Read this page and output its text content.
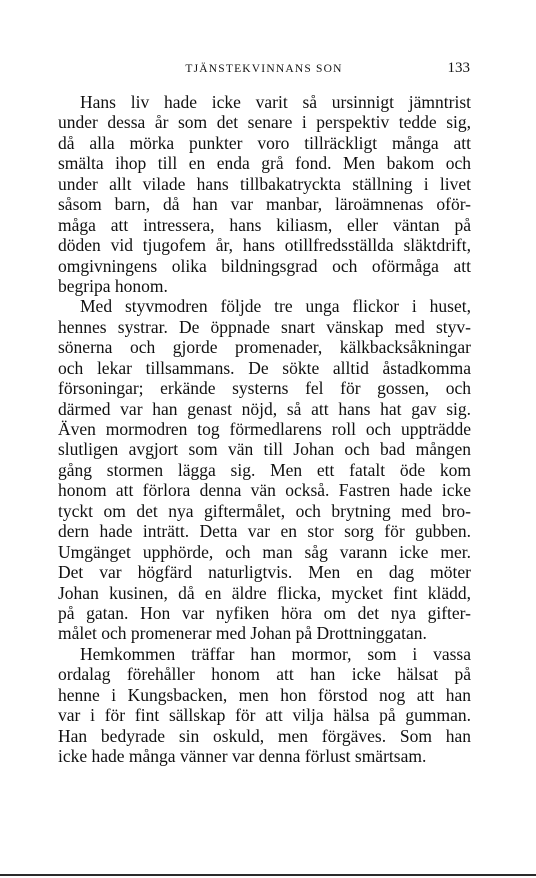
TJÄNSTEKVINNANS SON	133
Hans liv hade icke varit så ursinnigt jämntrist
under dessa år som det senare i perspektiv tedde sig,
då alla mörka punkter voro tillräckligt många att
smälta ihop till en enda grå fond. Men bakom och
under allt vilade hans tillbakatryckta ställning i livet
såsom barn, då han var manbar, läroämnenas oför-
måga att intressera, hans kiliasm, eller väntan på
döden vid tjugofem år, hans otillfredsställda släktdrift,
omgivningens olika bildningsgrad och oförmåga att
begripa honom.
Med styvmodren följde tre unga flickor i huset,
hennes systrar. De öppnade snart vänskap med styv-
sönerna och gjorde promenader, kälkbacksåkningar
och lekar tillsammans. De sökte alltid åstadkomma
försoningar; erkände systerns fel för gossen, och
därmed var han genast nöjd, så att hans hat gav sig.
Även mormodren tog förmedlarens roll och uppträdde
slutligen avgjort som vän till Johan och bad mången
gång stormen lägga sig. Men ett fatalt öde kom
honom att förlora denna vän också. Fastren hade icke
tyckt om det nya giftermålet, och brytning med bro-
dern hade inträtt. Detta var en stor sorg för gubben.
Umgänget upphörde, och man såg varann icke mer.
Det var högfärd naturligtvis. Men en dag möter
Johan kusinen, då en äldre flicka, mycket fint klädd,
på gatan. Hon var nyfiken höra om det nya gifter-
målet och promenerar med Johan på Drottninggatan.
Hemkommen träffar han mormor, som i vassa
ordalag förehåller honom att han icke hälsat på
henne i Kungsbacken, men hon förstod nog att han
var i för fint sällskap för att vilja hälsa på gumman.
Han bedyrade sin oskuld, men förgäves. Som han
icke hade många vänner var denna förlust smärtsam.
